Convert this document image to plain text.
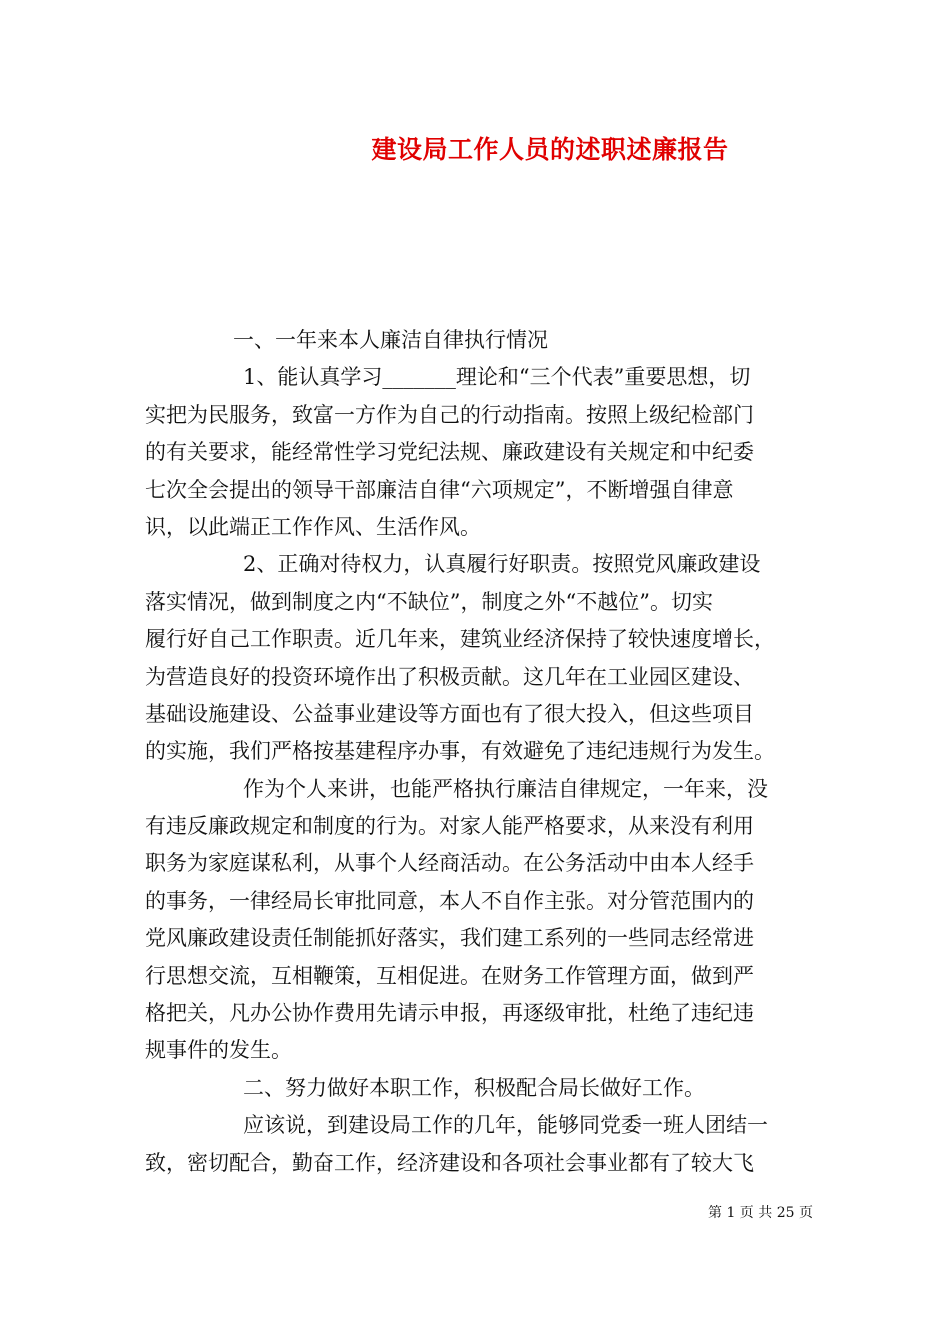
建设局工作人员的述职述廉报告
一、一年来本人廉洁自律执行情况
1、能认真学习_______理论和“三个代表”重要思想，切
实把为民服务，致富一方作为自己的行动指南。按照上级纪检部门
的有关要求，能经常性学习党纪法规、廉政建设有关规定和中纪委
七次全会提出的领导干部廉洁自律“六项规定”，不断增强自律意
识，以此端正工作作风、生活作风。
2、正确对待权力，认真履行好职责。按照党风廉政建设
落实情况，做到制度之内“不缺位”，制度之外“不越位”。切实
履行好自己工作职责。近几年来，建筑业经济保持了较快速度增长，
为营造良好的投资环境作出了积极贡献。这几年在工业园区建设、
基础设施建设、公益事业建设等方面也有了很大投入，但这些项目
的实施，我们严格按基建程序办事，有效避免了违纪违规行为发生。
作为个人来讲，也能严格执行廉洁自律规定，一年来，没
有违反廉政规定和制度的行为。对家人能严格要求，从来没有利用
职务为家庭谋私利，从事个人经商活动。在公务活动中由本人经手
的事务，一律经局长审批同意，本人不自作主张。对分管范围内的
党风廉政建设责任制能抓好落实，我们建工系列的一些同志经常进
行思想交流，互相鞭策，互相促进。在财务工作管理方面，做到严
格把关，凡办公协作费用先请示申报，再逐级审批，杜绝了违纪违
规事件的发生。
二、努力做好本职工作，积极配合局长做好工作。
应该说，到建设局工作的几年，能够同党委一班人团结一
致，密切配合，勤奋工作，经济建设和各项社会事业都有了较大飞
第 1 页 共 25 页
